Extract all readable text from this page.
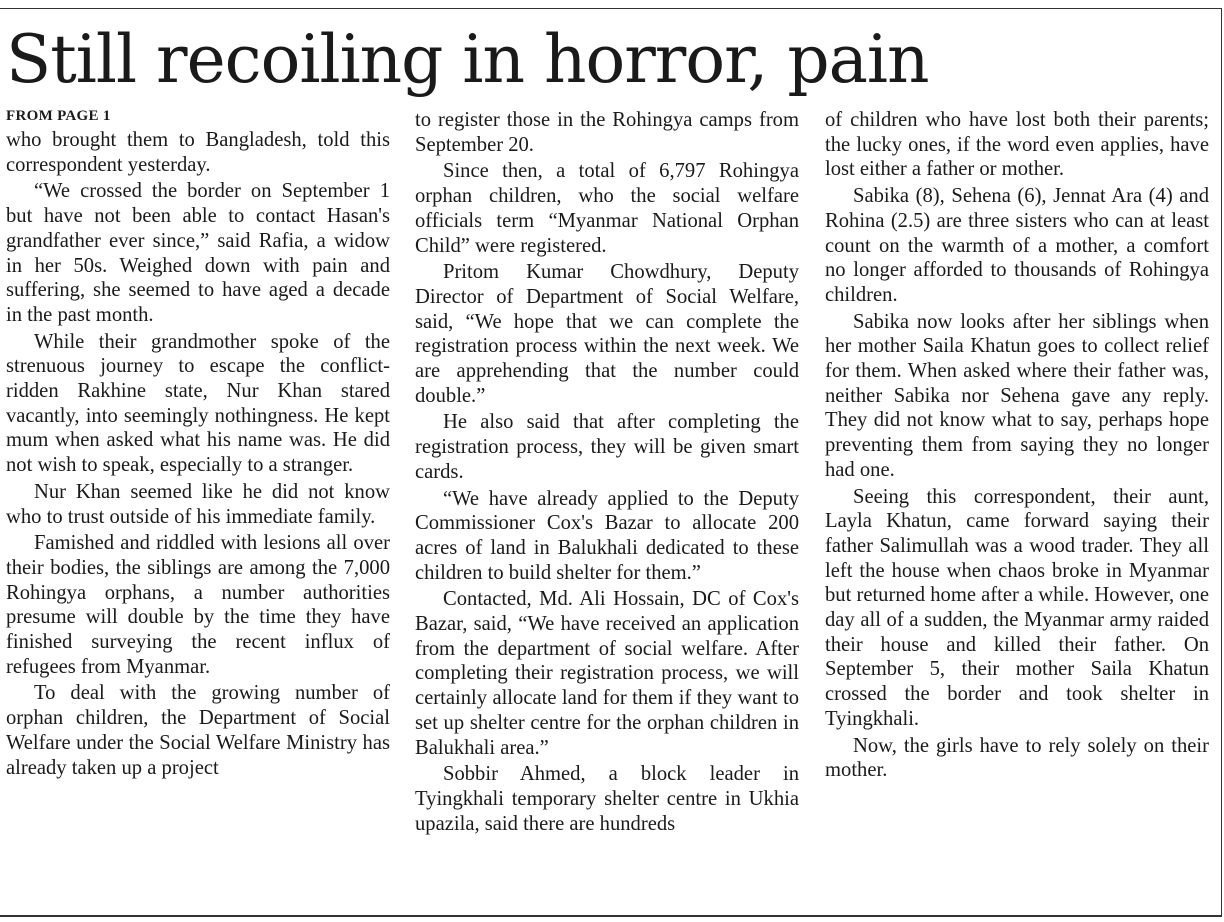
Still recoiling in horror, pain
FROM PAGE 1

who brought them to Bangladesh, told this correspondent yesterday.

“We crossed the border on September 1 but have not been able to contact Hasan's grandfather ever since,” said Rafia, a widow in her 50s. Weighed down with pain and suffering, she seemed to have aged a decade in the past month.

While their grandmother spoke of the strenuous journey to escape the conflict-ridden Rakhine state, Nur Khan stared vacantly, into seemingly nothingness. He kept mum when asked what his name was. He did not wish to speak, especially to a stranger.

Nur Khan seemed like he did not know who to trust outside of his immediate family.

Famished and riddled with lesions all over their bodies, the siblings are among the 7,000 Rohingya orphans, a number authorities presume will double by the time they have finished surveying the recent influx of refugees from Myanmar.

To deal with the growing number of orphan children, the Department of Social Welfare under the Social Welfare Ministry has already taken up a project

to register those in the Rohingya camps from September 20.

Since then, a total of 6,797 Rohingya orphan children, who the social welfare officials term “Myanmar National Orphan Child” were registered.

Pritom Kumar Chowdhury, Deputy Director of Department of Social Welfare, said, “We hope that we can complete the registration process within the next week. We are apprehending that the number could double.”

He also said that after completing the registration process, they will be given smart cards.

“We have already applied to the Deputy Commissioner Cox's Bazar to allocate 200 acres of land in Balukhali dedicated to these children to build shelter for them.”

Contacted, Md. Ali Hossain, DC of Cox's Bazar, said, “We have received an application from the department of social welfare. After completing their registration process, we will certainly allocate land for them if they want to set up shelter centre for the orphan children in Balukhali area.”

Sobbir Ahmed, a block leader in Tyingkhali temporary shelter centre in Ukhia upazila, said there are hundreds

of children who have lost both their parents; the lucky ones, if the word even applies, have lost either a father or mother.

Sabika (8), Sehena (6), Jennat Ara (4) and Rohina (2.5) are three sisters who can at least count on the warmth of a mother, a comfort no longer afforded to thousands of Rohingya children.

Sabika now looks after her siblings when her mother Saila Khatun goes to collect relief for them. When asked where their father was, neither Sabika nor Sehena gave any reply. They did not know what to say, perhaps hope preventing them from saying they no longer had one.

Seeing this correspondent, their aunt, Layla Khatun, came forward saying their father Salimullah was a wood trader. They all left the house when chaos broke in Myanmar but returned home after a while. However, one day all of a sudden, the Myanmar army raided their house and killed their father. On September 5, their mother Saila Khatun crossed the border and took shelter in Tyingkhali.

Now, the girls have to rely solely on their mother.
